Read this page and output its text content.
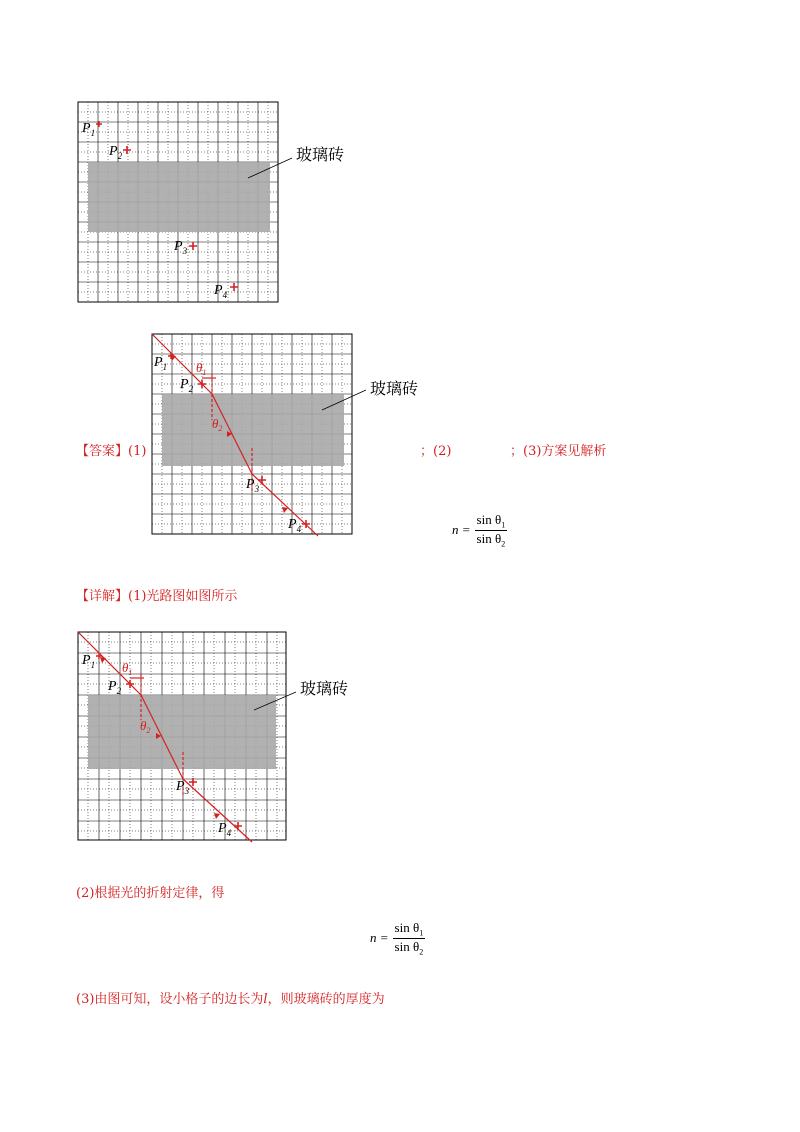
玻璃砖
$P_1$
$P_2$
$P_3$
$P_4$
玻璃砖
$\theta_1$
$\theta_2$
$P_1$
$P_2$
$P_3$
$P_4$
【答案】(1)	；(2)	；(3)方案见解析
$n = \frac{\sin \theta_1}{\sin \theta_2}$
【详解】(1)光路图如图所示
玻璃砖
$\theta_1$
$\theta_2$
$P_1$
$P_2$
$P_3$
$P_4$
(2)根据光的折射定律，得
$n = \frac{\sin \theta_1}{\sin \theta_2}$
(3)由图可知，设小格子的边长为l，则玻璃砖的厚度为
